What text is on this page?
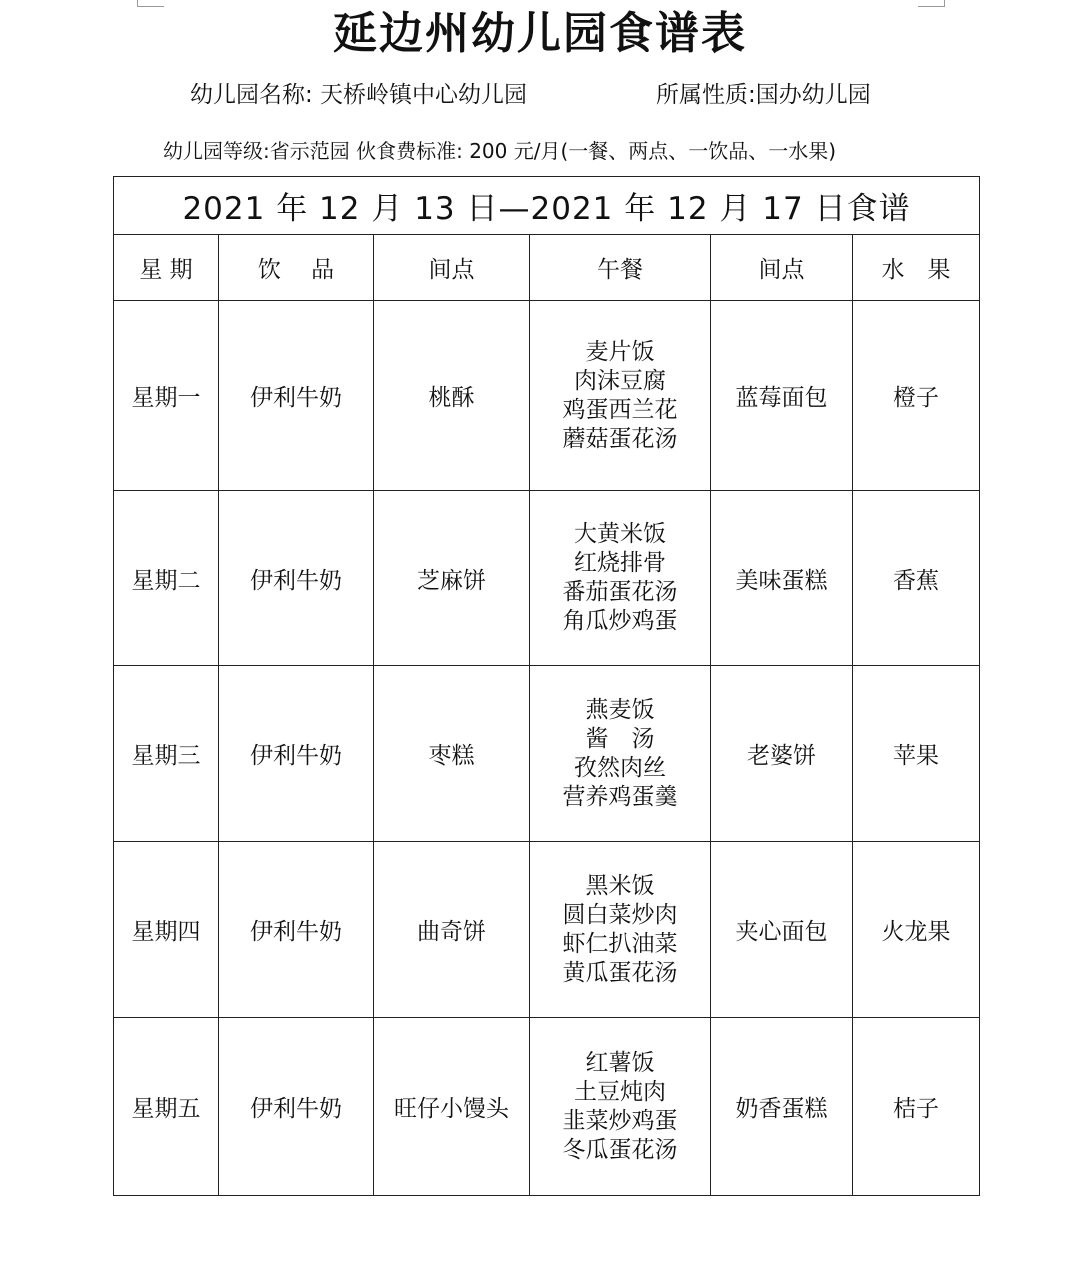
延边州幼儿园食谱表
幼儿园名称: 天桥岭镇中心幼儿园	所属性质:国办幼儿园
幼儿园等级:省示范园 伙食费标准: 200 元/月(一餐、两点、一饮品、一水果)
2021 年 12 月 13 日—2021 年 12 月 17 日食谱					
星 期	饮　 品	间点	午餐	间点	水　果
星期一	伊利牛奶	桃酥	麦片饭
肉沫豆腐
鸡蛋西兰花
蘑菇蛋花汤	蓝莓面包	橙子
星期二	伊利牛奶	芝麻饼	大黄米饭
红烧排骨
番茄蛋花汤
角瓜炒鸡蛋	美味蛋糕	香蕉
星期三	伊利牛奶	枣糕	燕麦饭
酱　汤
孜然肉丝
营养鸡蛋羹	老婆饼	苹果
星期四	伊利牛奶	曲奇饼	黑米饭
圆白菜炒肉
虾仁扒油菜
黄瓜蛋花汤	夹心面包	火龙果
星期五	伊利牛奶	旺仔小馒头	红薯饭
土豆炖肉
韭菜炒鸡蛋
冬瓜蛋花汤	奶香蛋糕	桔子
